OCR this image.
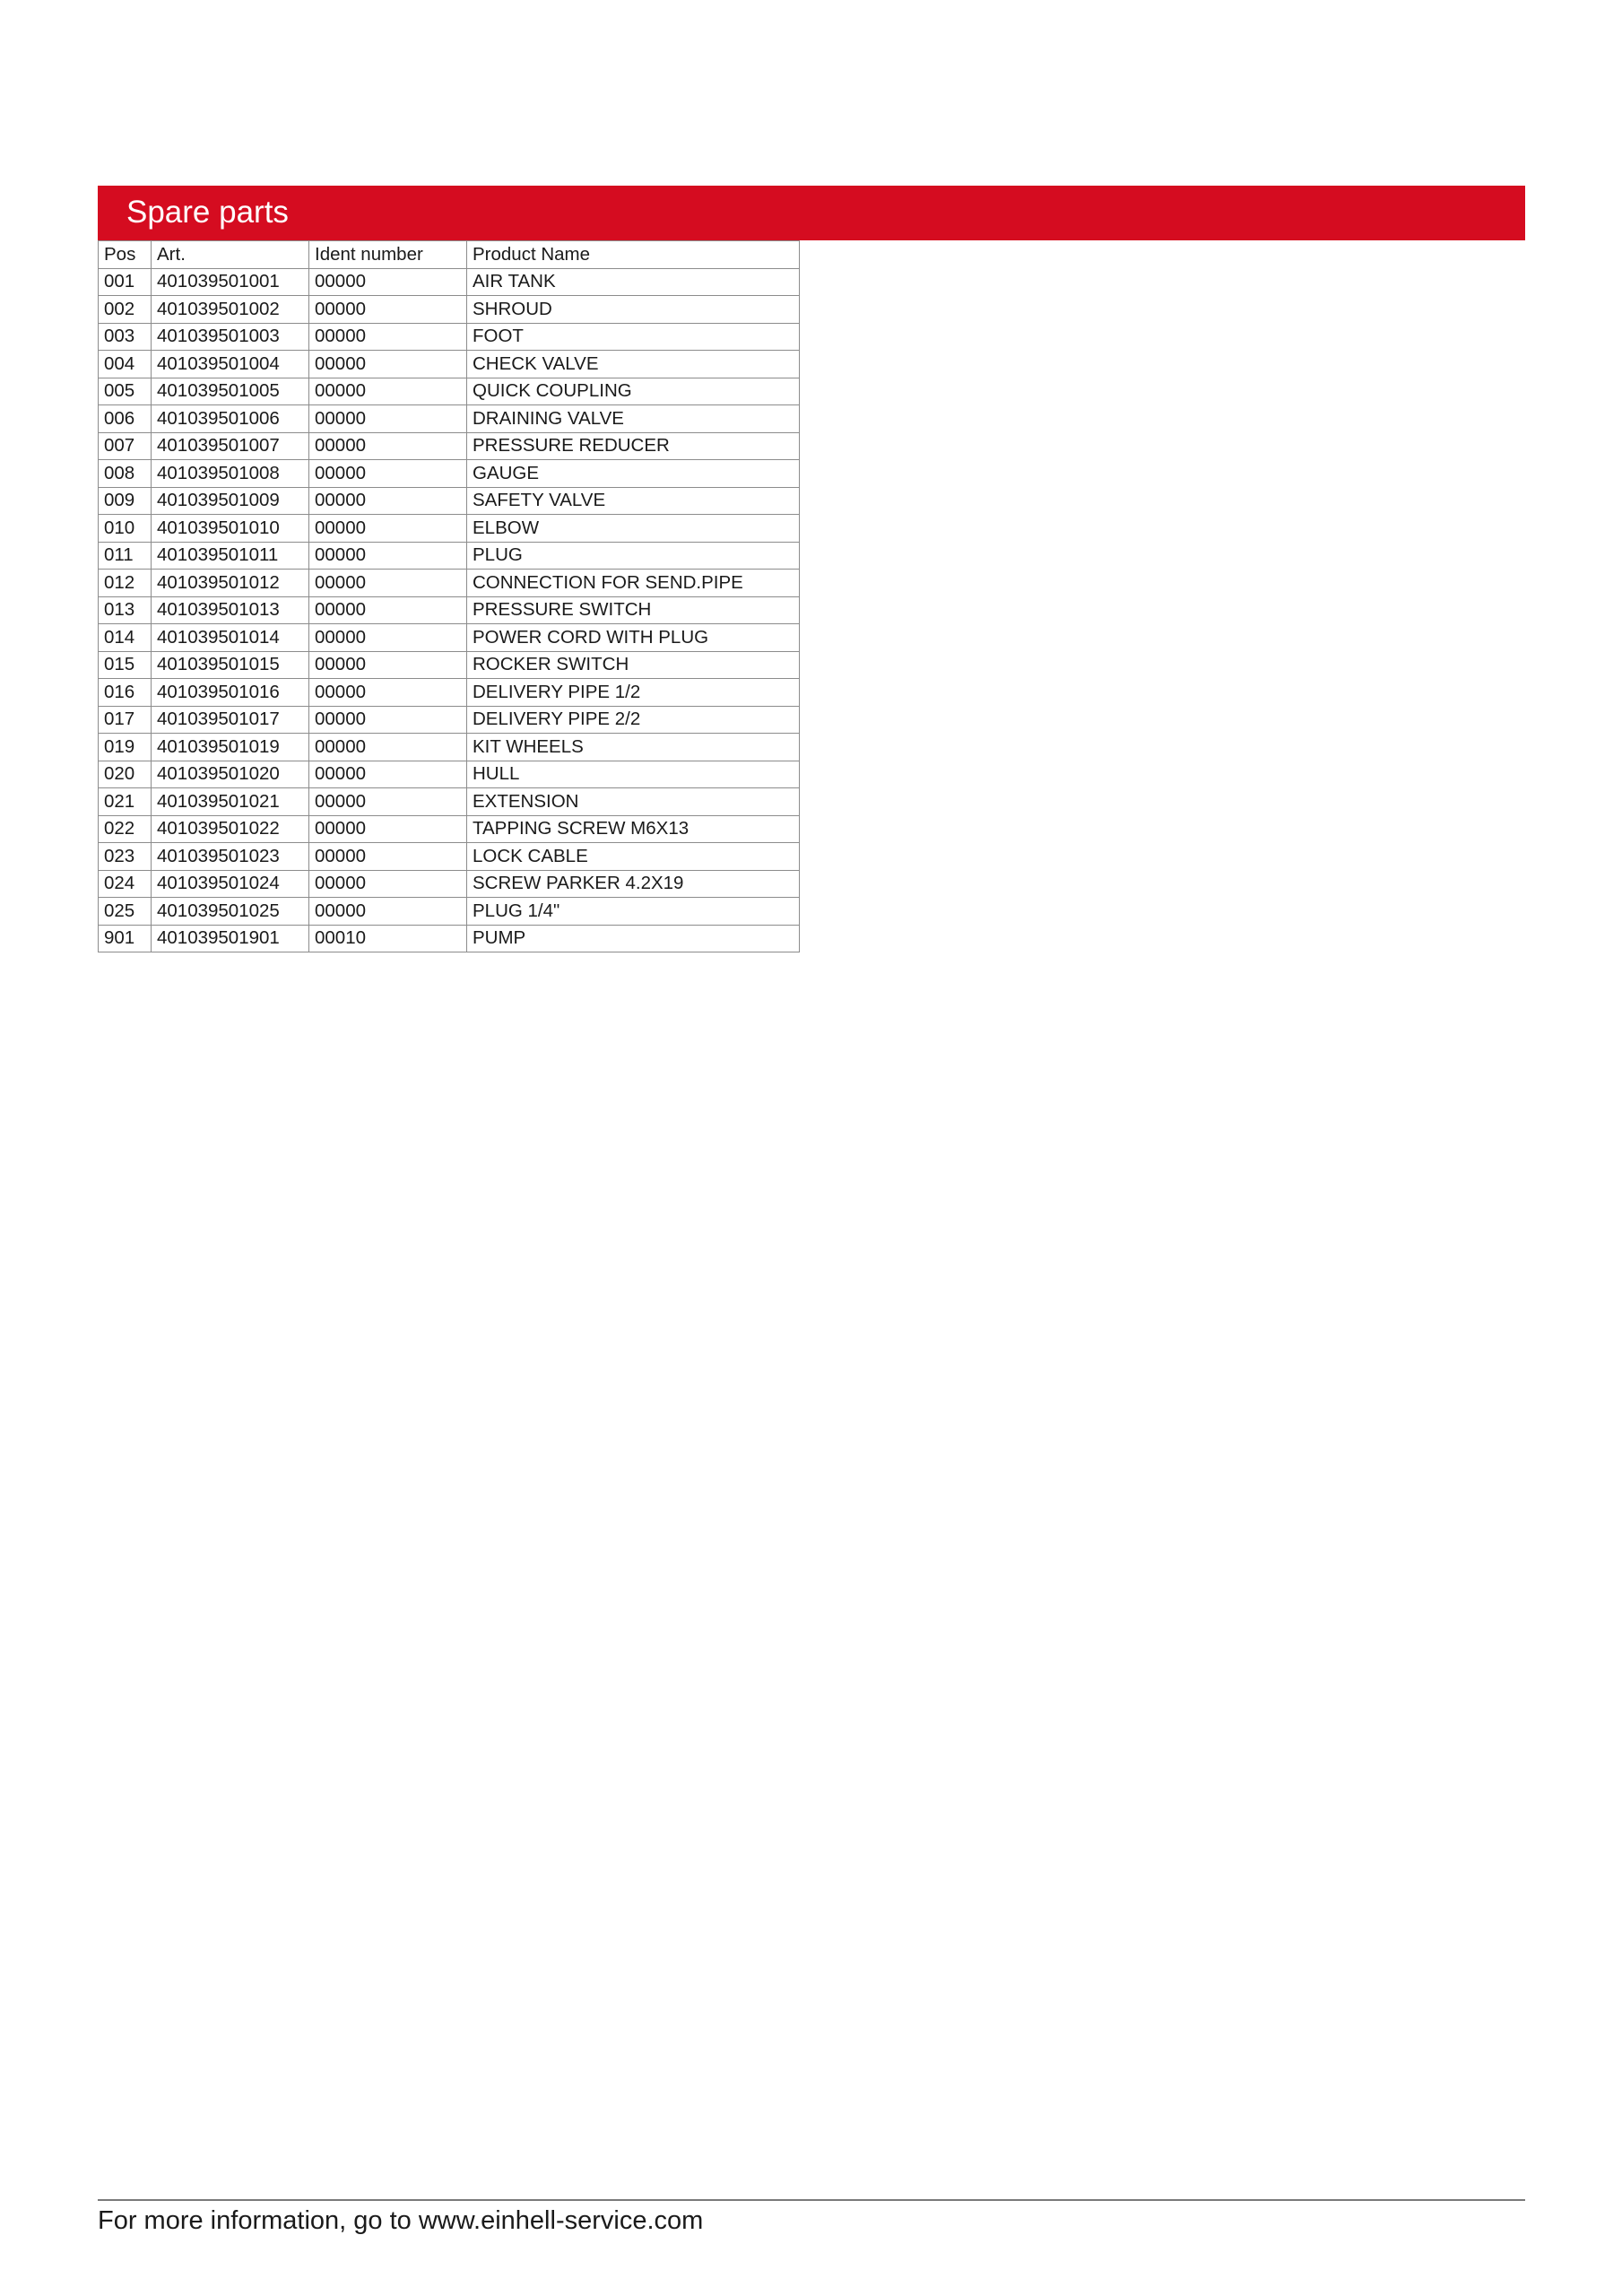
Spare parts
Pos	Art.	Ident number	Product Name
001	401039501001	00000	AIR TANK
002	401039501002	00000	SHROUD
003	401039501003	00000	FOOT
004	401039501004	00000	CHECK VALVE
005	401039501005	00000	QUICK COUPLING
006	401039501006	00000	DRAINING VALVE
007	401039501007	00000	PRESSURE REDUCER
008	401039501008	00000	GAUGE
009	401039501009	00000	SAFETY VALVE
010	401039501010	00000	ELBOW
011	401039501011	00000	PLUG
012	401039501012	00000	CONNECTION FOR SEND.PIPE
013	401039501013	00000	PRESSURE SWITCH
014	401039501014	00000	POWER CORD WITH PLUG
015	401039501015	00000	ROCKER SWITCH
016	401039501016	00000	DELIVERY PIPE 1/2
017	401039501017	00000	DELIVERY PIPE 2/2
019	401039501019	00000	KIT WHEELS
020	401039501020	00000	HULL
021	401039501021	00000	EXTENSION
022	401039501022	00000	TAPPING SCREW M6X13
023	401039501023	00000	LOCK CABLE
024	401039501024	00000	SCREW PARKER 4.2X19
025	401039501025	00000	PLUG 1/4"
901	401039501901	00010	PUMP
For more information, go to www.einhell-service.com
